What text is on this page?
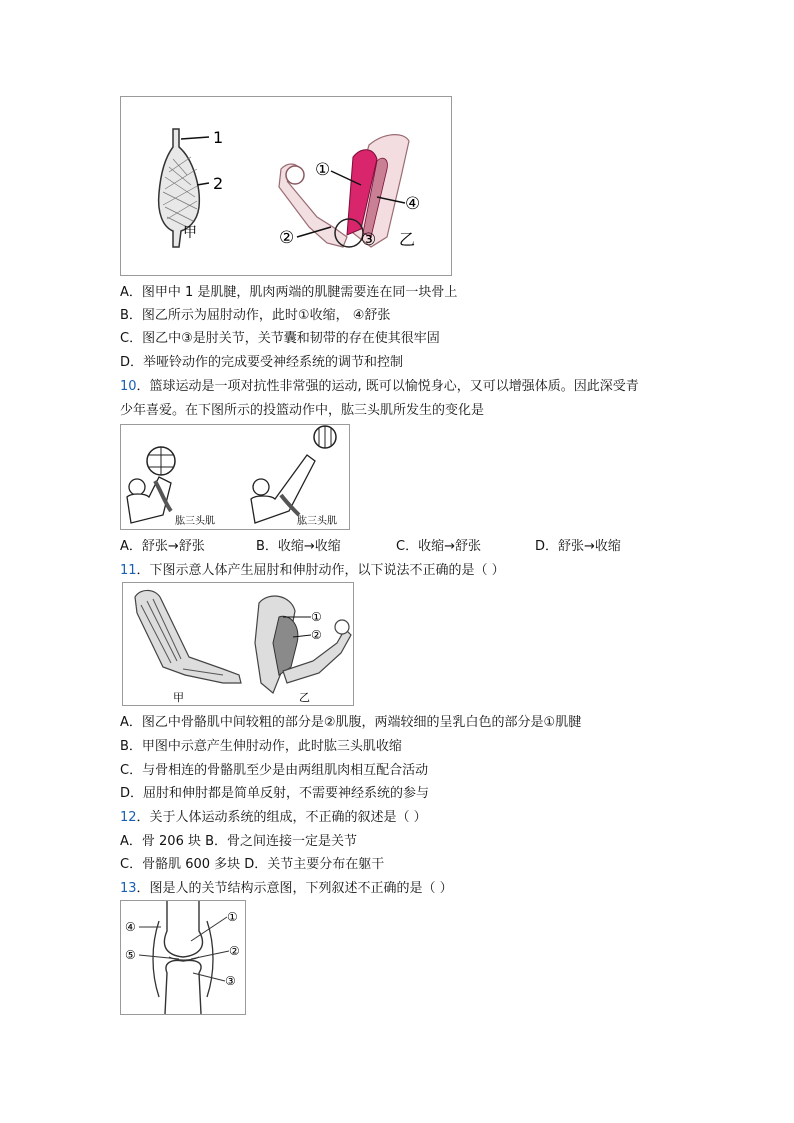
1
2
甲
①
④
②	③ 乙
A．图甲中 1 是肌腱，肌肉两端的肌腱需要连在同一块骨上
B．图乙所示为屈肘动作，此时①收缩， ④舒张
C．图乙中③是肘关节，关节囊和韧带的存在使其很牢固
D．举哑铃动作的完成要受神经系统的调节和控制
10．篮球运动是一项对抗性非常强的运动, 既可以愉悦身心，又可以增强体质。因此深受青
少年喜爱。在下图所示的投篮动作中，肱三头肌所发生的变化是
肱三头肌	肱三头肌
A．舒张→舒张	B．收缩→收缩	C．收缩→舒张	D．舒张→收缩
11．下图示意人体产生屈肘和伸肘动作，以下说法不正确的是（ ）
甲
①
②
乙
A．图乙中骨骼肌中间较粗的部分是②肌腹，两端较细的呈乳白色的部分是①肌腱
B．甲图中示意产生伸肘动作，此时肱三头肌收缩
C．与骨相连的骨骼肌至少是由两组肌肉相互配合活动
D．屈肘和伸肘都是简单反射，不需要神经系统的参与
12．关于人体运动系统的组成，不正确的叙述是（ ）
A．骨 206 块 B．骨之间连接一定是关节
C．骨骼肌 600 多块 D．关节主要分布在躯干
13．图是人的关节结构示意图，下列叙述不正确的是（ ）
④
⑤
①
②
③
